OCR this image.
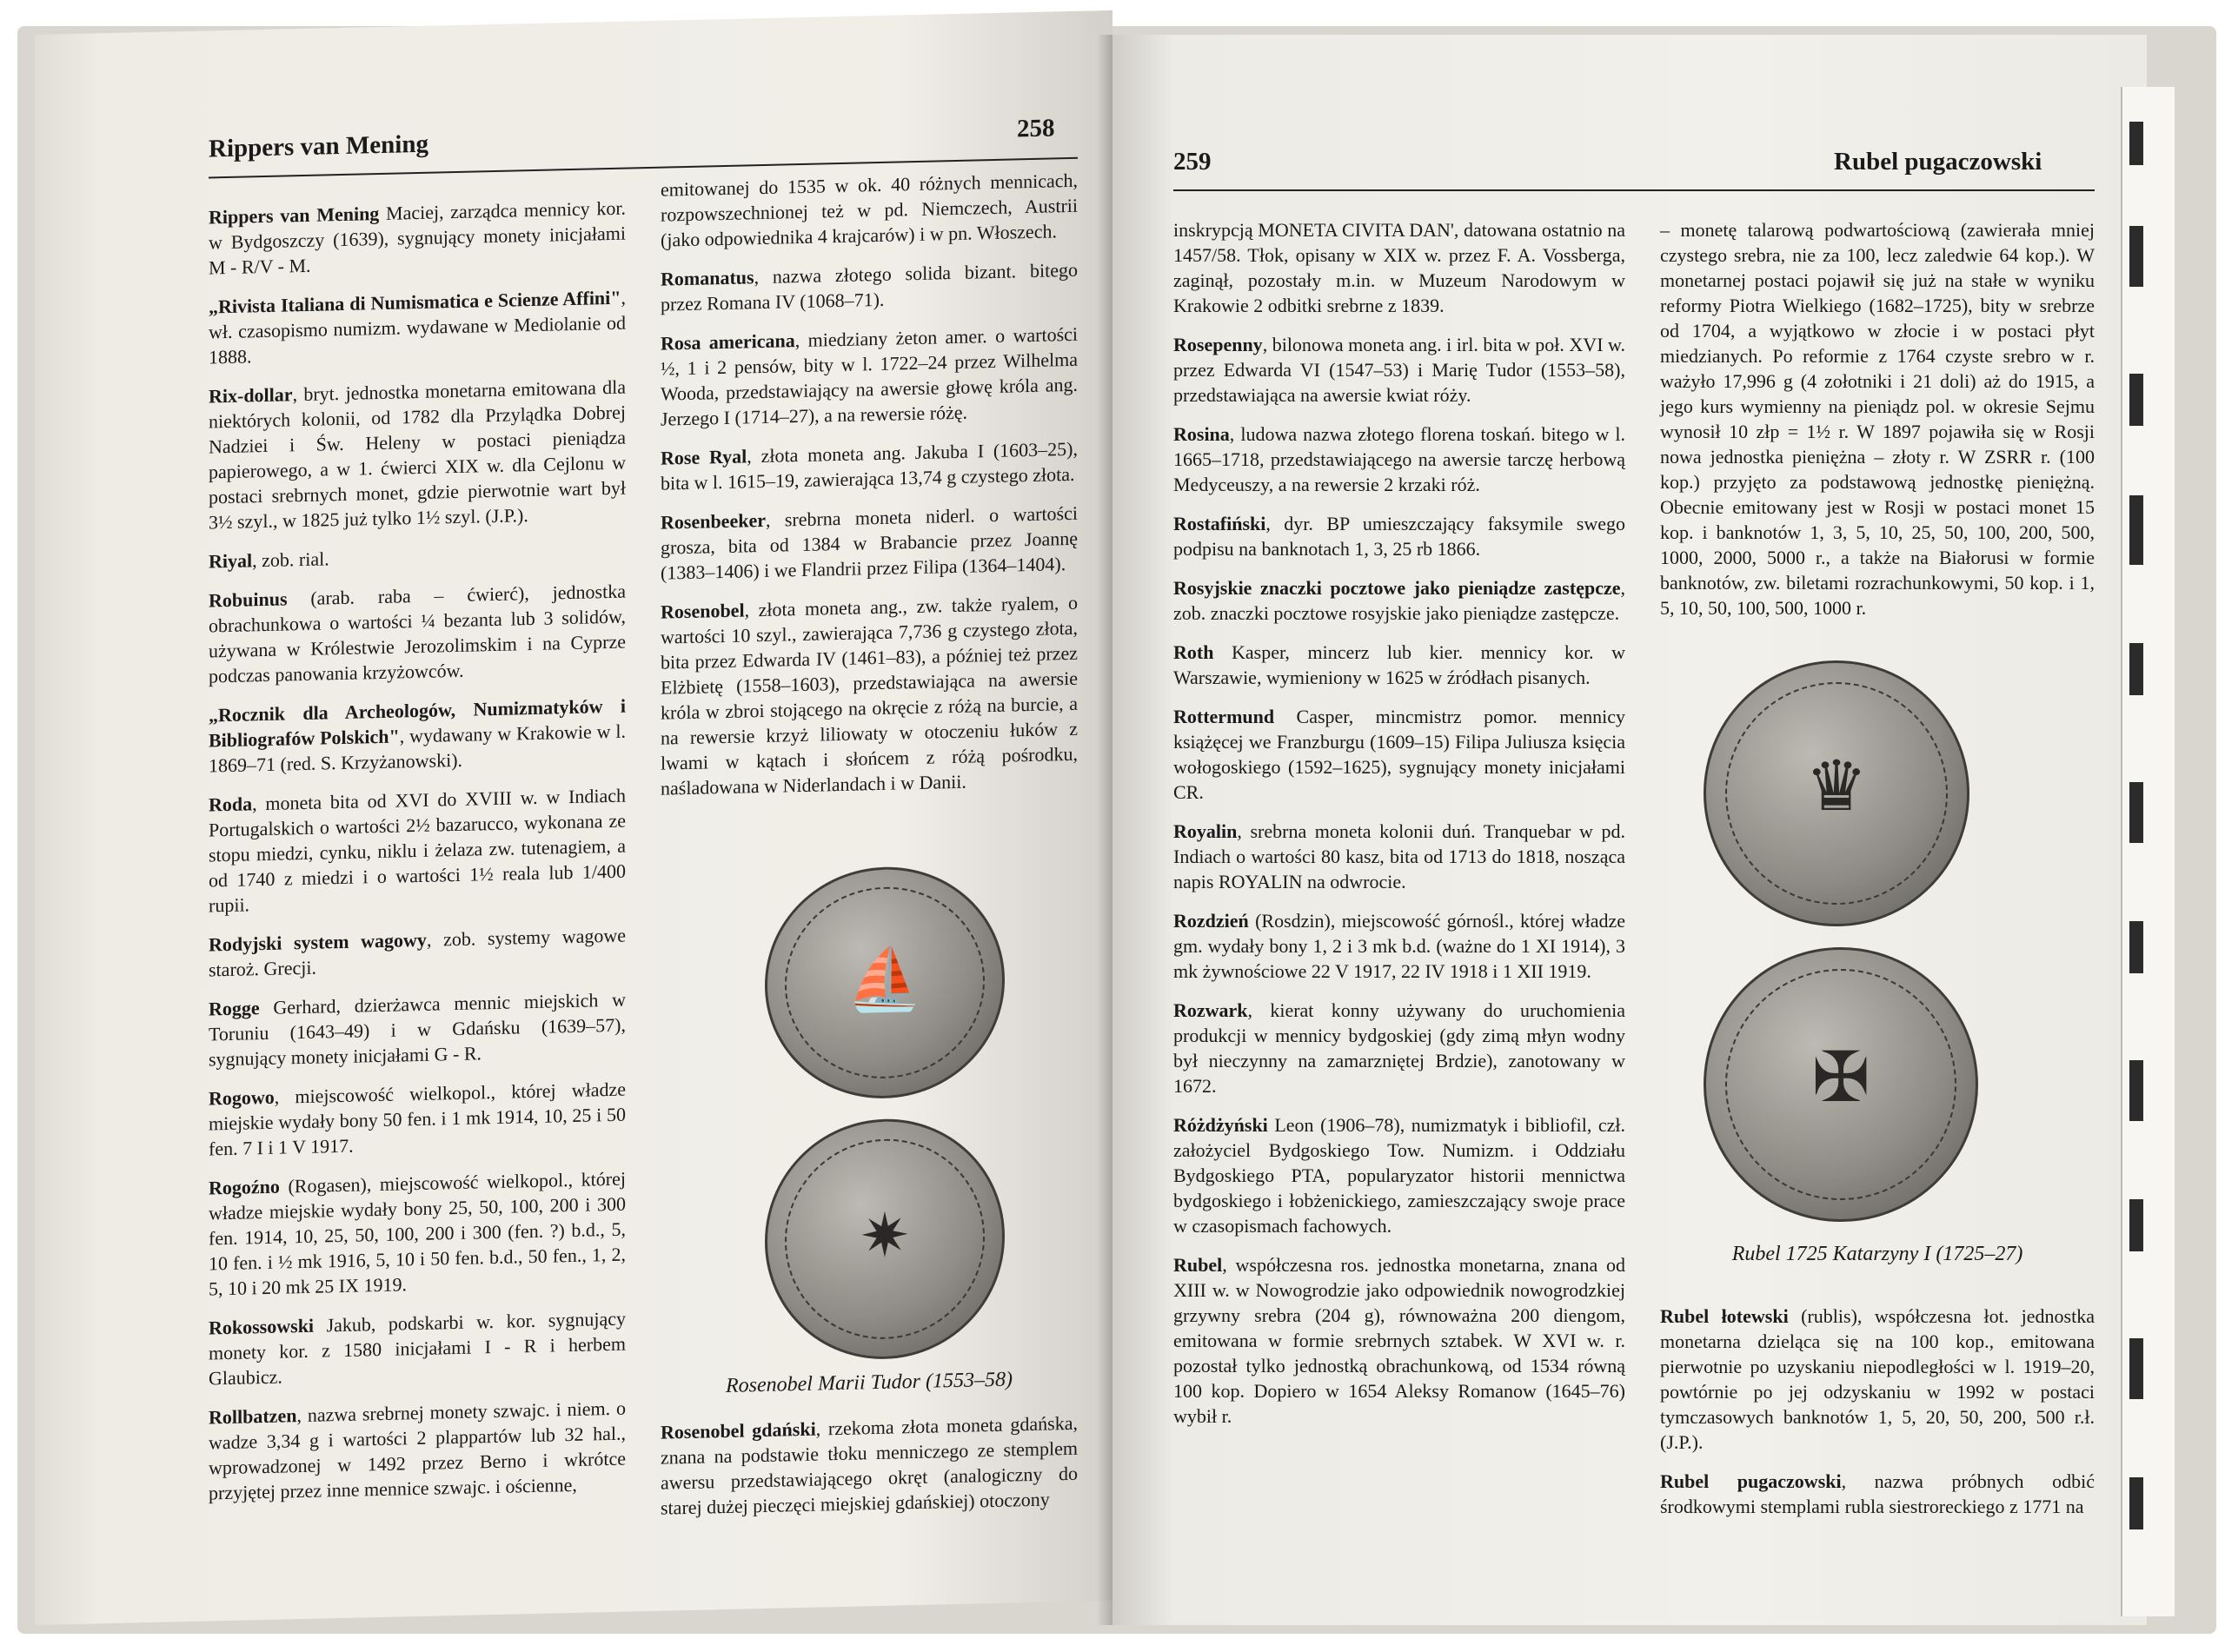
Rippers van Mening
258

Rippers van Mening Maciej, zarządca mennicy kor. w Bydgoszczy (1639), sygnujący monety inicjałami M - R/V - M.

„Rivista Italiana di Numismatica e Scienze Affini", wł. czasopismo numizm. wydawane w Mediolanie od 1888.

Rix-dollar, bryt. jednostka monetarna emitowana dla niektórych kolonii, od 1782 dla Przylądka Dobrej Nadziei i Św. Heleny w postaci pieniądza papierowego, a w 1. ćwierci XIX w. dla Cejlonu w postaci srebrnych monet, gdzie pierwotnie wart był 3½ szyl., w 1825 już tylko 1½ szyl. (J.P.).

Riyal, zob. rial.

Robuinus (arab. raba – ćwierć), jednostka obrachunkowa o wartości ¼ bezanta lub 3 solidów, używana w Królestwie Jerozolimskim i na Cyprze podczas panowania krzyżowców.

„Rocznik dla Archeologów, Numizmatyków i Bibliografów Polskich", wydawany w Krakowie w l. 1869–71 (red. S. Krzyżanowski).

Roda, moneta bita od XVI do XVIII w. w Indiach Portugalskich o wartości 2½ bazarucco, wykonana ze stopu miedzi, cynku, niklu i żelaza zw. tutenagiem, a od 1740 z miedzi i o wartości 1½ reala lub 1/400 rupii.

Rodyjski system wagowy, zob. systemy wagowe staroż. Grecji.

Rogge Gerhard, dzierżawca mennic miejskich w Toruniu (1643–49) i w Gdańsku (1639–57), sygnujący monety inicjałami G - R.

Rogowo, miejscowość wielkopol., której władze miejskie wydały bony 50 fen. i 1 mk 1914, 10, 25 i 50 fen. 7 I i 1 V 1917.

Rogoźno (Rogasen), miejscowość wielkopol., której władze miejskie wydały bony 25, 50, 100, 200 i 300 fen. 1914, 10, 25, 50, 100, 200 i 300 (fen. ?) b.d., 5, 10 fen. i ½ mk 1916, 5, 10 i 50 fen. b.d., 50 fen., 1, 2, 5, 10 i 20 mk 25 IX 1919.

Rokossowski Jakub, podskarbi w. kor. sygnujący monety kor. z 1580 inicjałami I - R i herbem Glaubicz.

Rollbatzen, nazwa srebrnej monety szwajc. i niem. o wadze 3,34 g i wartości 2 plappartów lub 32 hal., wprowadzonej w 1492 przez Berno i wkrótce przyjętej przez inne mennice szwajc. i ościenne,

emitowanej do 1535 w ok. 40 różnych mennicach, rozpowszechnionej też w pd. Niemczech, Austrii (jako odpowiednika 4 krajcarów) i w pn. Włoszech.

Romanatus, nazwa złotego solida bizant. bitego przez Romana IV (1068–71).

Rosa americana, miedziany żeton amer. o wartości ½, 1 i 2 pensów, bity w l. 1722–24 przez Wilhelma Wooda, przedstawiający na awersie głowę króla ang. Jerzego I (1714–27), a na rewersie różę.

Rose Ryal, złota moneta ang. Jakuba I (1603–25), bita w l. 1615–19, zawierająca 13,74 g czystego złota.

Rosenbeeker, srebrna moneta niderl. o wartości grosza, bita od 1384 w Brabancie przez Joannę (1383–1406) i we Flandrii przez Filipa (1364–1404).

Rosenobel, złota moneta ang., zw. także ryalem, o wartości 10 szyl., zawierająca 7,736 g czystego złota, bita przez Edwarda IV (1461–83), a później też przez Elżbietę (1558–1603), przedstawiająca na awersie króla w zbroi stojącego na okręcie z różą na burcie, a na rewersie krzyż liliowaty w otoczeniu łuków z lwami w kątach i słońcem z różą pośrodku, naśladowana w Niderlandach i w Danii.

⛵
✷
Rosenobel Marii Tudor (1553–58)

Rosenobel gdański, rzekoma złota moneta gdańska, znana na podstawie tłoku menniczego ze stemplem awersu przedstawiającego okręt (analogiczny do starej dużej pieczęci miejskiej gdańskiej) otoczony

259	Rubel pugaczowski

inskrypcją MONETA CIVITA DAN', datowana ostatnio na 1457/58. Tłok, opisany w XIX w. przez F. A. Vossberga, zaginął, pozostały m.in. w Muzeum Narodowym w Krakowie 2 odbitki srebrne z 1839.

Rosepenny, bilonowa moneta ang. i irl. bita w poł. XVI w. przez Edwarda VI (1547–53) i Marię Tudor (1553–58), przedstawiająca na awersie kwiat róży.

Rosina, ludowa nazwa złotego florena toskań. bitego w l. 1665–1718, przedstawiającego na awersie tarczę herbową Medyceuszy, a na rewersie 2 krzaki róż.

Rostafiński, dyr. BP umieszczający faksymile swego podpisu na banknotach 1, 3, 25 rb 1866.

Rosyjskie znaczki pocztowe jako pieniądze zastępcze, zob. znaczki pocztowe rosyjskie jako pieniądze zastępcze.

Roth Kasper, mincerz lub kier. mennicy kor. w Warszawie, wymieniony w 1625 w źródłach pisanych.

Rottermund Casper, mincmistrz pomor. mennicy książęcej we Franzburgu (1609–15) Filipa Juliusza księcia wołogoskiego (1592–1625), sygnujący monety inicjałami CR.

Royalin, srebrna moneta kolonii duń. Tranquebar w pd. Indiach o wartości 80 kasz, bita od 1713 do 1818, nosząca napis ROYALIN na odwrocie.

Rozdzień (Rosdzin), miejscowość górnośl., której władze gm. wydały bony 1, 2 i 3 mk b.d. (ważne do 1 XI 1914), 3 mk żywnościowe 22 V 1917, 22 IV 1918 i 1 XII 1919.

Rozwark, kierat konny używany do uruchomienia produkcji w mennicy bydgoskiej (gdy zimą młyn wodny był nieczynny na zamarzniętej Brdzie), zanotowany w 1672.

Różdżyński Leon (1906–78), numizmatyk i bibliofil, czł. założyciel Bydgoskiego Tow. Numizm. i Oddziału Bydgoskiego PTA, popularyzator historii mennictwa bydgoskiego i łobżenickiego, zamieszczający swoje prace w czasopismach fachowych.

Rubel, współczesna ros. jednostka monetarna, znana od XIII w. w Nowogrodzie jako odpowiednik nowogrodzkiej grzywny srebra (204 g), równoważna 200 diengom, emitowana w formie srebrnych sztabek. W XVI w. r. pozostał tylko jednostką obrachunkową, od 1534 równą 100 kop. Dopiero w 1654 Aleksy Romanow (1645–76) wybił r.

– monetę talarową podwartościową (zawierała mniej czystego srebra, nie za 100, lecz zaledwie 64 kop.). W monetarnej postaci pojawił się już na stałe w wyniku reformy Piotra Wielkiego (1682–1725), bity w srebrze od 1704, a wyjątkowo w złocie i w postaci płyt miedzianych. Po reformie z 1764 czyste srebro w r. ważyło 17,996 g (4 zołotniki i 21 doli) aż do 1915, a jego kurs wymienny na pieniądz pol. w okresie Sejmu wynosił 10 złp = 1½ r. W 1897 pojawiła się w Rosji nowa jednostka pieniężna – złoty r. W ZSRR r. (100 kop.) przyjęto za podstawową jednostkę pieniężną. Obecnie emitowany jest w Rosji w postaci monet 15 kop. i banknotów 1, 3, 5, 10, 25, 50, 100, 200, 500, 1000, 2000, 5000 r., a także na Białorusi w formie banknotów, zw. biletami rozrachunkowymi, 50 kop. i 1, 5, 10, 50, 100, 500, 1000 r.

♛
✠
Rubel 1725 Katarzyny I (1725–27)

Rubel łotewski (rublis), współczesna łot. jednostka monetarna dzieląca się na 100 kop., emitowana pierwotnie po uzyskaniu niepodległości w l. 1919–20, powtórnie po jej odzyskaniu w 1992 w postaci tymczasowych banknotów 1, 5, 20, 50, 200, 500 r.ł. (J.P.).

Rubel pugaczowski, nazwa próbnych odbić środkowymi stemplami rubla siestroreckiego z 1771 na
